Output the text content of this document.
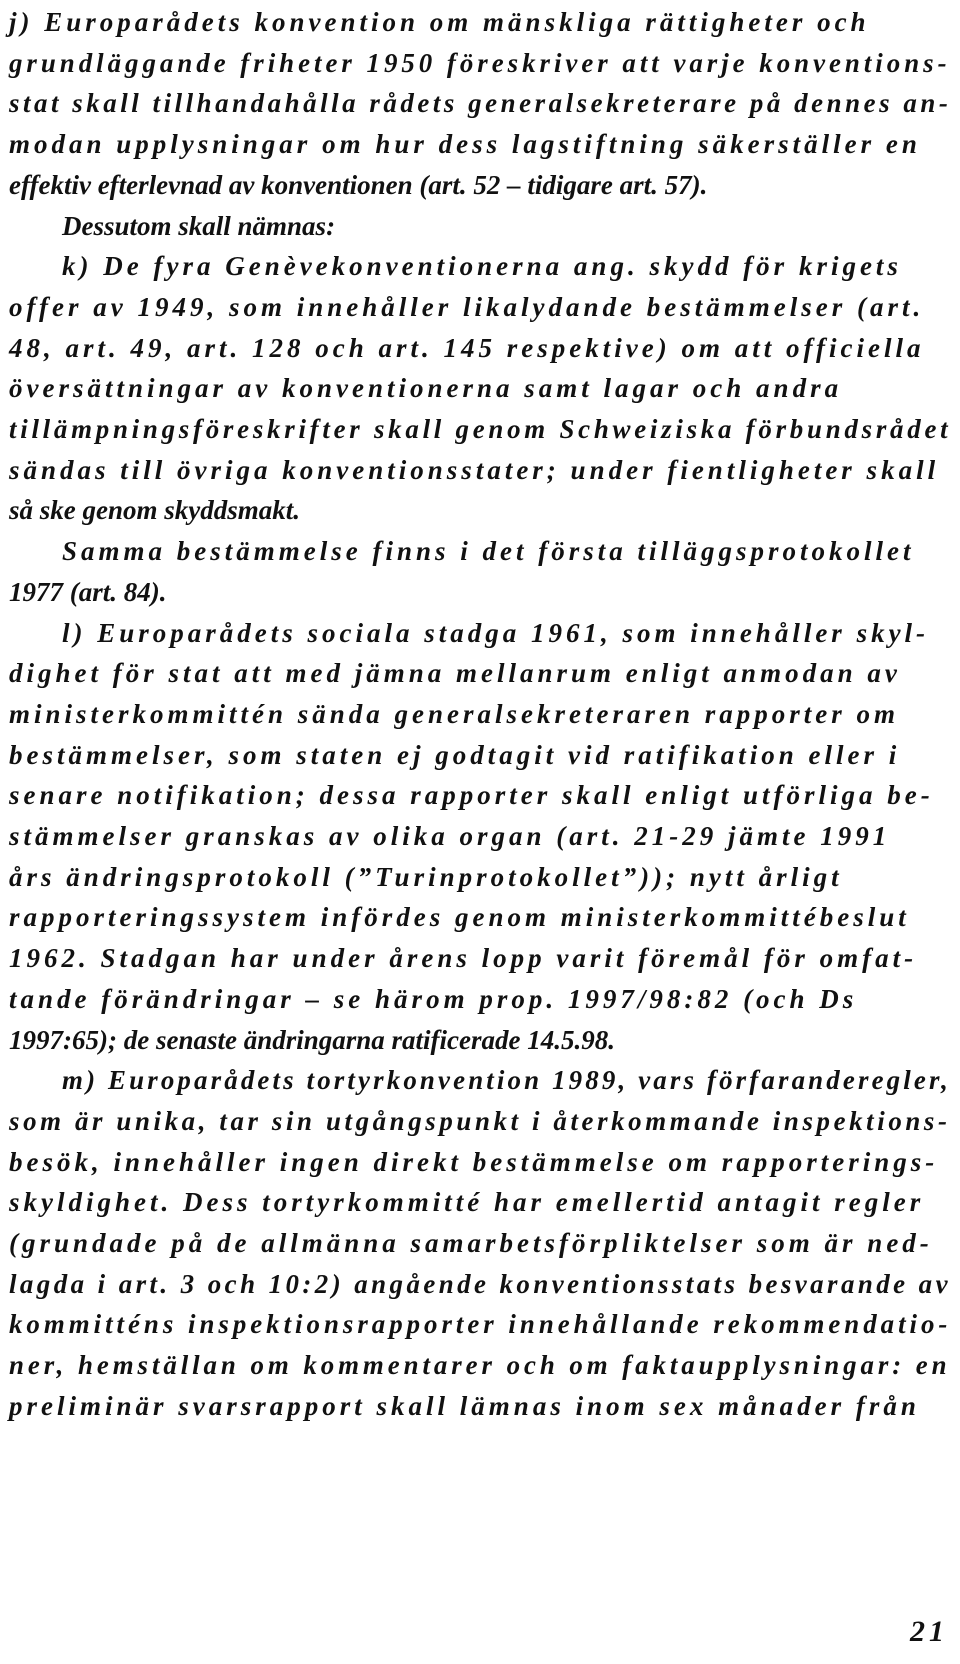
j) Europarådets konvention om mänskliga rättigheter och
grundläggande friheter 1950 föreskriver att varje konventions-
stat skall tillhandahålla rådets generalsekreterare på dennes an-
modan upplysningar om hur dess lagstiftning säkerställer en
effektiv efterlevnad av konventionen (art. 52 – tidigare art. 57).
Dessutom skall nämnas:
k) De fyra Genèvekonventionerna ang. skydd för krigets
offer av 1949, som innehåller likalydande bestämmelser (art.
48, art. 49, art. 128 och art. 145 respektive) om att officiella
översättningar av konventionerna samt lagar och andra
tillämpningsföreskrifter skall genom Schweiziska förbundsrådet
sändas till övriga konventionsstater; under fientligheter skall
så ske genom skyddsmakt.
Samma bestämmelse finns i det första tilläggsprotokollet
1977 (art. 84).
l) Europarådets sociala stadga 1961, som innehåller skyl-
dighet för stat att med jämna mellanrum enligt anmodan av
ministerkommittén sända generalsekreteraren rapporter om
bestämmelser, som staten ej godtagit vid ratifikation eller i
senare notifikation; dessa rapporter skall enligt utförliga be-
stämmelser granskas av olika organ (art. 21-29 jämte 1991
års ändringsprotokoll (”Turinprotokollet”)); nytt årligt
rapporteringssystem infördes genom ministerkommittébeslut
1962. Stadgan har under årens lopp varit föremål för omfat-
tande förändringar – se härom prop. 1997/98:82 (och Ds
1997:65); de senaste ändringarna ratificerade 14.5.98.
m) Europarådets tortyrkonvention 1989, vars förfaranderegler,
som är unika, tar sin utgångspunkt i återkommande inspektions-
besök, innehåller ingen direkt bestämmelse om rapporterings-
skyldighet. Dess tortyrkommitté har emellertid antagit regler
(grundade på de allmänna samarbetsförpliktelser som är ned-
lagda i art. 3 och 10:2) angående konventionsstats besvarande av
kommitténs inspektionsrapporter innehållande rekommendatio-
ner, hemställan om kommentarer och om faktaupplysningar: en
preliminär svarsrapport skall lämnas inom sex månader från
21
